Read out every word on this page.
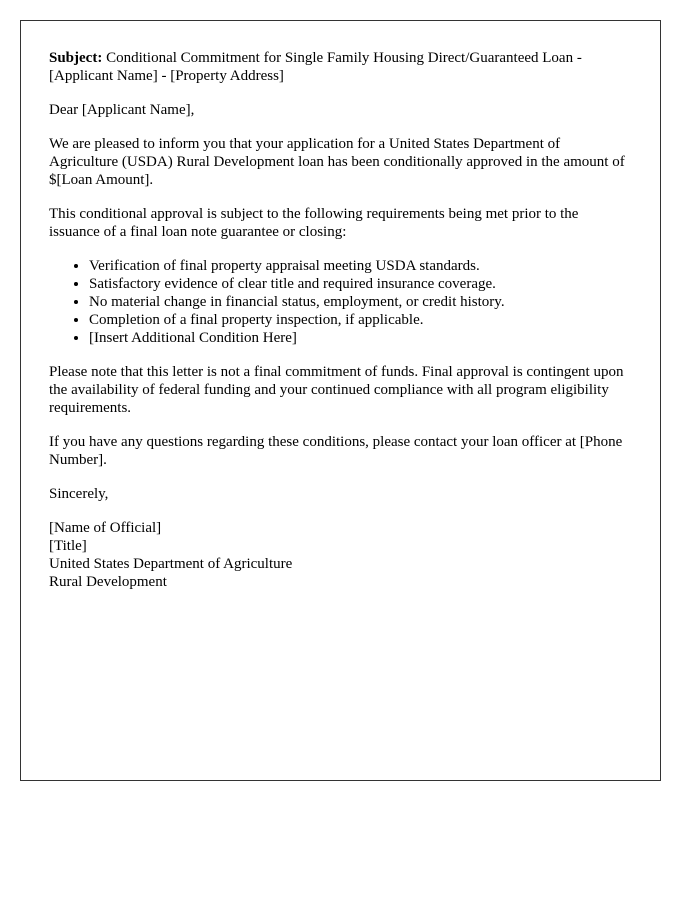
Subject: Conditional Commitment for Single Family Housing Direct/Guaranteed Loan - [Applicant Name] - [Property Address]

Dear [Applicant Name],

We are pleased to inform you that your application for a United States Department of Agriculture (USDA) Rural Development loan has been conditionally approved in the amount of $[Loan Amount].

This conditional approval is subject to the following requirements being met prior to the issuance of a final loan note guarantee or closing:

• Verification of final property appraisal meeting USDA standards.
• Satisfactory evidence of clear title and required insurance coverage.
• No material change in financial status, employment, or credit history.
• Completion of a final property inspection, if applicable.
• [Insert Additional Condition Here]

Please note that this letter is not a final commitment of funds. Final approval is contingent upon the availability of federal funding and your continued compliance with all program eligibility requirements.

If you have any questions regarding these conditions, please contact your loan officer at [Phone Number].

Sincerely,

[Name of Official]

[Title]

United States Department of Agriculture

Rural Development
